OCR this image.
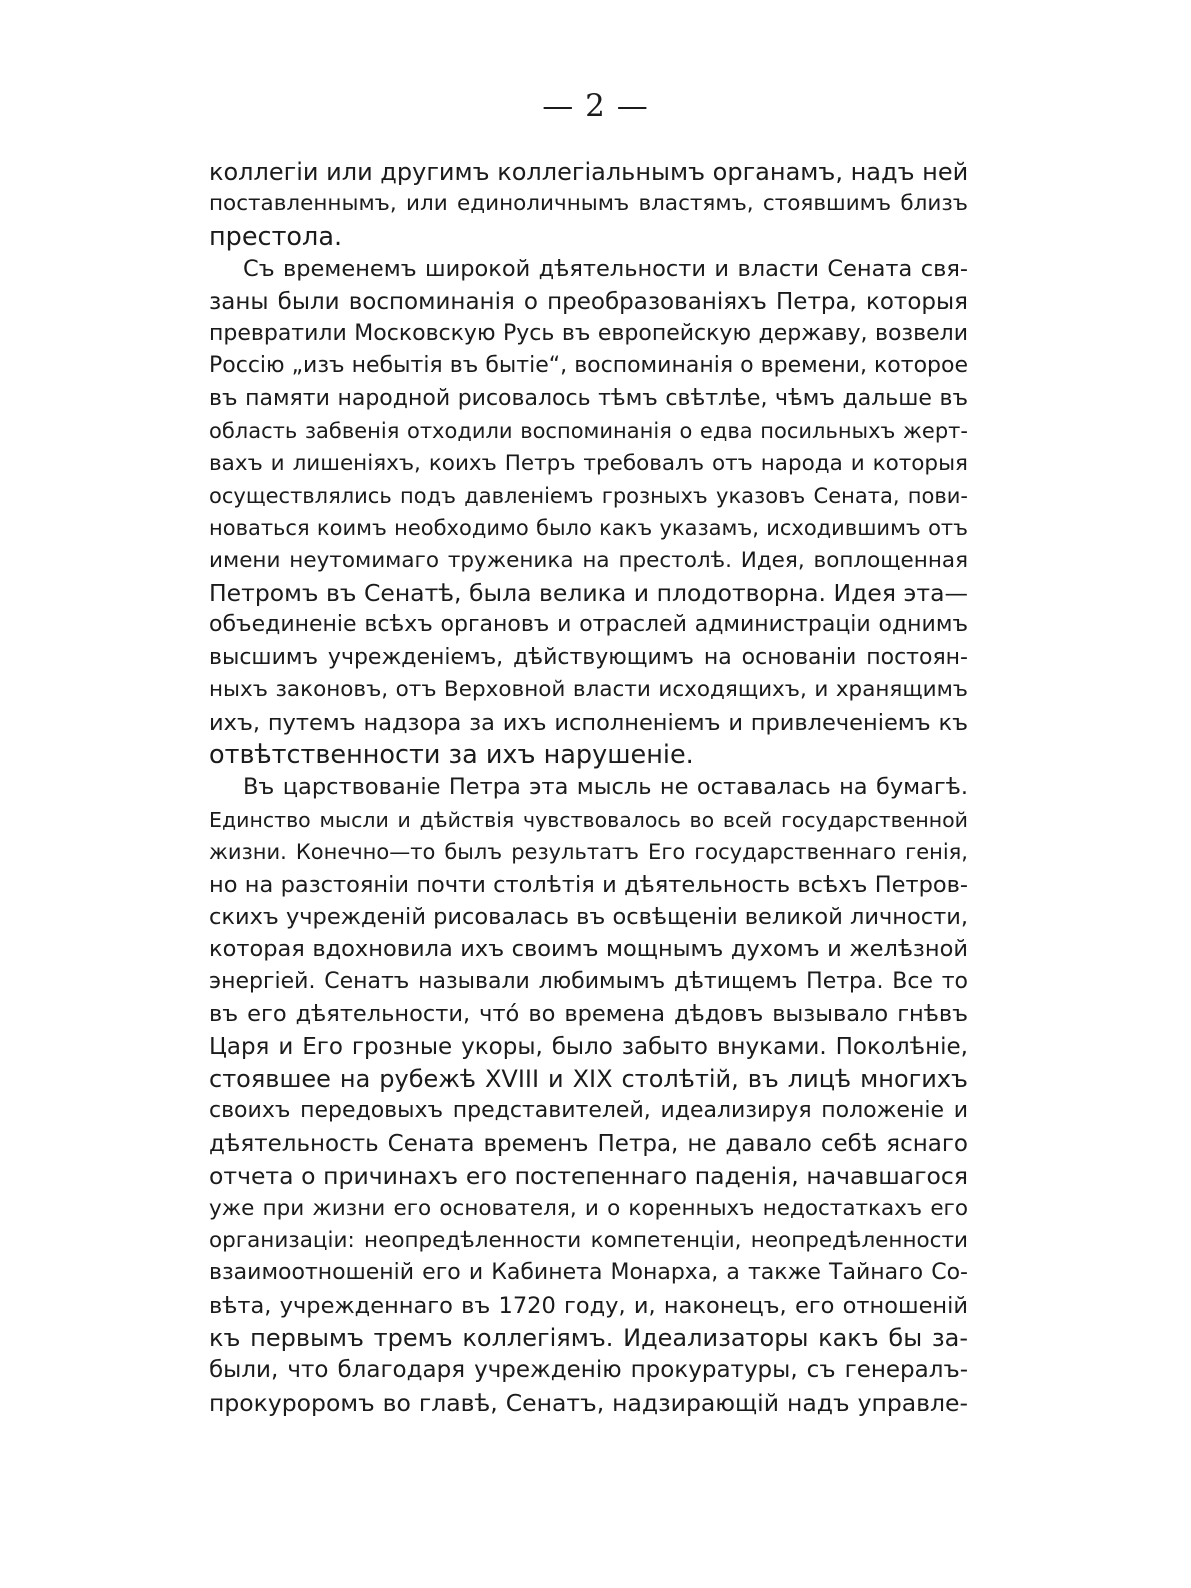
— 2 —
коллегiи или другимъ коллегiальнымъ органамъ, надъ ней
поставленнымъ, или единоличнымъ властямъ, стоявшимъ близъ
престола.
Съ временемъ широкой дѣятельности и власти Сената свя-
заны были воспоминанiя о преобразованiяхъ Петра, которыя
превратили Московскую Русь въ европейскую державу, возвели
Россiю „изъ небытiя въ бытiе“, воспоминанiя о времени, которое
въ памяти народной рисовалось тѣмъ свѣтлѣе, чѣмъ дальше въ
область забвенiя отходили воспоминанiя о едва посильныхъ жерт-
вахъ и лишенiяхъ, коихъ Петръ требовалъ отъ народа и которыя
осуществлялись подъ давленiемъ грозныхъ указовъ Сената, пови-
новаться коимъ необходимо было какъ указамъ, исходившимъ отъ
имени неутомимаго труженика на престолѣ. Идея, воплощенная
Петромъ въ Сенатѣ, была велика и плодотворна. Идея эта—
объединенiе всѣхъ органовъ и отраслей администрацiи однимъ
высшимъ учрежденiемъ, дѣйствующимъ на основанiи постоян-
ныхъ законовъ, отъ Верховной власти исходящихъ, и хранящимъ
ихъ, путемъ надзора за ихъ исполненiемъ и привлеченiемъ къ
отвѣтственности за ихъ нарушенiе.
Въ царствованiе Петра эта мысль не оставалась на бумагѣ.
Единство мысли и дѣйствiя чувствовалось во всей государственной
жизни. Конечно—то былъ результатъ Его государственнаго генiя,
но на разстоянiи почти столѣтiя и дѣятельность всѣхъ Петров-
скихъ учрежденiй рисовалась въ освѣщенiи великой личности,
которая вдохновила ихъ своимъ мощнымъ духомъ и желѣзной
энергiей. Сенатъ называли любимымъ дѣтищемъ Петра. Все то
въ его дѣятельности, чтó во времена дѣдовъ вызывало гнѣвъ
Царя и Его грозные укоры, было забыто внуками. Поколѣнiе,
стоявшее на рубежѣ XVIII и XIX столѣтiй, въ лицѣ многихъ
своихъ передовыхъ представителей, идеализируя положенiе и
дѣятельность Сената временъ Петра, не давало себѣ яснаго
отчета о причинахъ его постепеннаго паденiя, начавшагося
уже при жизни его основателя, и о коренныхъ недостаткахъ его
организацiи: неопредѣленности компетенцiи, неопредѣленности
взаимоотношенiй его и Кабинета Монарха, а также Тайнаго Со-
вѣта, учрежденнаго въ 1720 году, и, наконецъ, его отношенiй
къ первымъ тремъ коллегiямъ. Идеализаторы какъ бы за-
были, что благодаря учрежденiю прокуратуры, съ генералъ-
прокуроромъ во главѣ, Сенатъ, надзирающiй надъ управле-
